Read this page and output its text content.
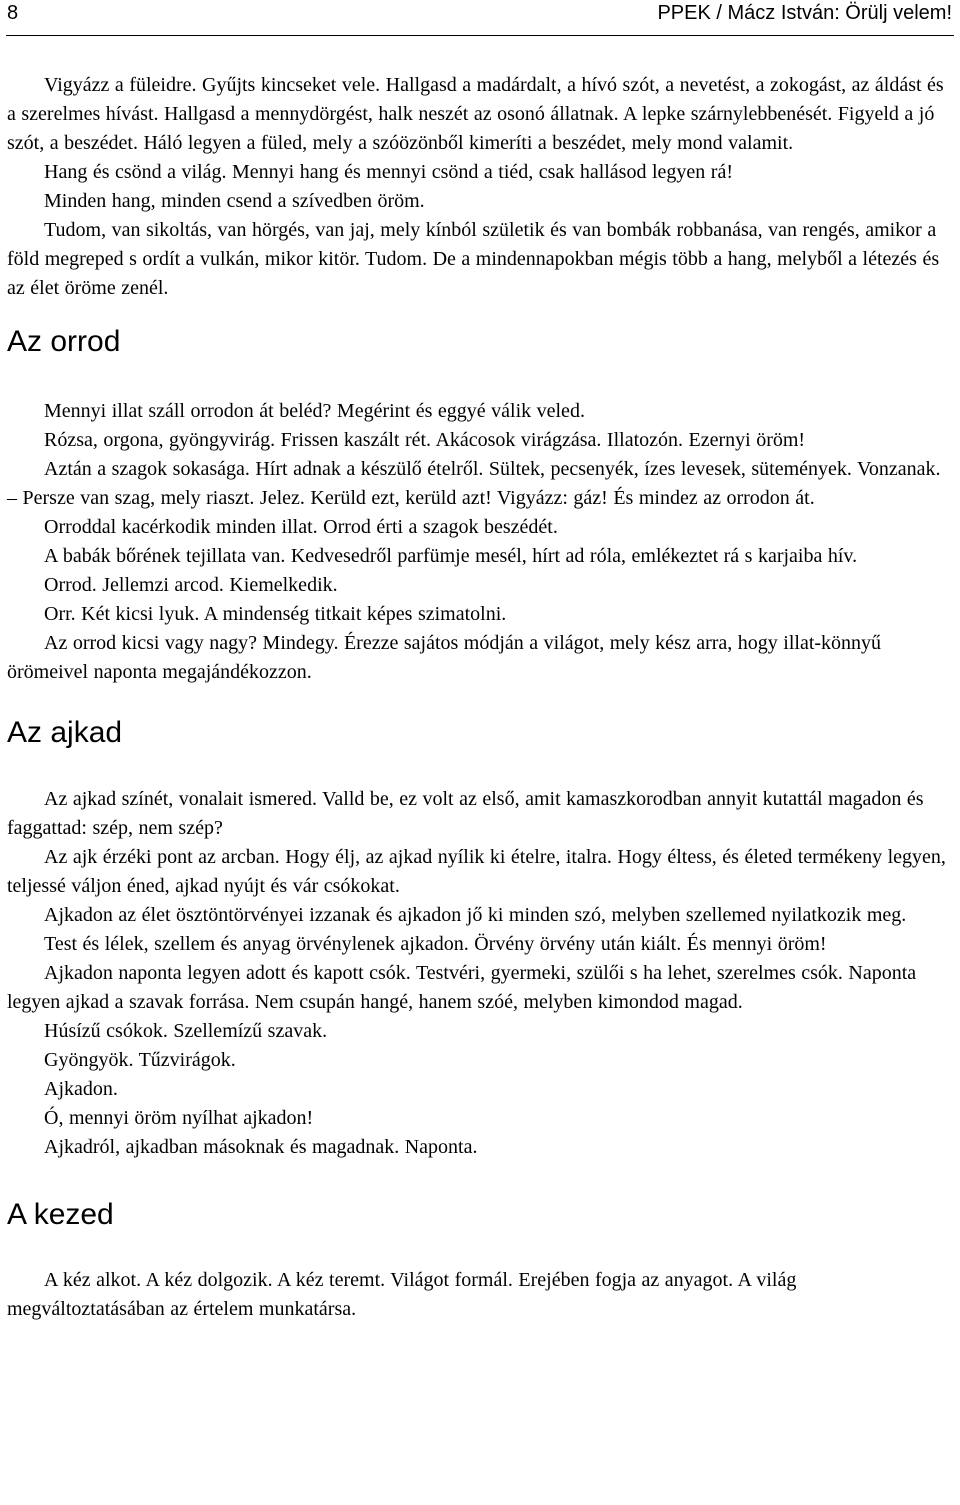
8	PPEK / Mácz István: Örülj velem!

Vigyázz a füleidre. Gyűjts kincseket vele. Hallgasd a madárdalt, a hívó szót, a nevetést, a zokogást, az áldást és a szerelmes hívást. Hallgasd a mennydörgést, halk neszét az osonó állatnak. A lepke szárnylebbenését. Figyeld a jó szót, a beszédet. Háló legyen a füled, mely a szóözönből kimeríti a beszédet, mely mond valamit.

Hang és csönd a világ. Mennyi hang és mennyi csönd a tiéd, csak hallásod legyen rá!

Minden hang, minden csend a szívedben öröm.

Tudom, van sikoltás, van hörgés, van jaj, mely kínból születik és van bombák robbanása, van rengés, amikor a föld megreped s ordít a vulkán, mikor kitör. Tudom. De a mindennapokban mégis több a hang, melyből a létezés és az élet öröme zenél.

Az orrod

Mennyi illat száll orrodon át beléd? Megérint és eggyé válik veled.

Rózsa, orgona, gyöngyvirág. Frissen kaszált rét. Akácosok virágzása. Illatozón. Ezernyi öröm!

Aztán a szagok sokasága. Hírt adnak a készülő ételről. Sültek, pecsenyék, ízes levesek, sütemények. Vonzanak. – Persze van szag, mely riaszt. Jelez. Kerüld ezt, kerüld azt! Vigyázz: gáz! És mindez az orrodon át.

Orroddal kacérkodik minden illat. Orrod érti a szagok beszédét.

A babák bőrének tejillata van. Kedvesedről parfümje mesél, hírt ad róla, emlékeztet rá s karjaiba hív.

Orrod. Jellemzi arcod. Kiemelkedik.

Orr. Két kicsi lyuk. A mindenség titkait képes szimatolni.

Az orrod kicsi vagy nagy? Mindegy. Érezze sajátos módján a világot, mely kész arra, hogy illat-könnyű örömeivel naponta megajándékozzon.

Az ajkad

Az ajkad színét, vonalait ismered. Valld be, ez volt az első, amit kamaszkorodban annyit kutattál magadon és faggattad: szép, nem szép?

Az ajk érzéki pont az arcban. Hogy élj, az ajkad nyílik ki ételre, italra. Hogy éltess, és életed termékeny legyen, teljessé váljon éned, ajkad nyújt és vár csókokat.

Ajkadon az élet ösztöntörvényei izzanak és ajkadon jő ki minden szó, melyben szellemed nyilatkozik meg.

Test és lélek, szellem és anyag örvénylenek ajkadon. Örvény örvény után kiált. És mennyi öröm!

Ajkadon naponta legyen adott és kapott csók. Testvéri, gyermeki, szülői s ha lehet, szerelmes csók. Naponta legyen ajkad a szavak forrása. Nem csupán hangé, hanem szóé, melyben kimondod magad.

Húsízű csókok. Szellemízű szavak.

Gyöngyök. Tűzvirágok.

Ajkadon.

Ó, mennyi öröm nyílhat ajkadon!

Ajkadról, ajkadban másoknak és magadnak. Naponta.

A kezed

A kéz alkot. A kéz dolgozik. A kéz teremt. Világot formál. Erejében fogja az anyagot. A világ megváltoztatásában az értelem munkatársa.
